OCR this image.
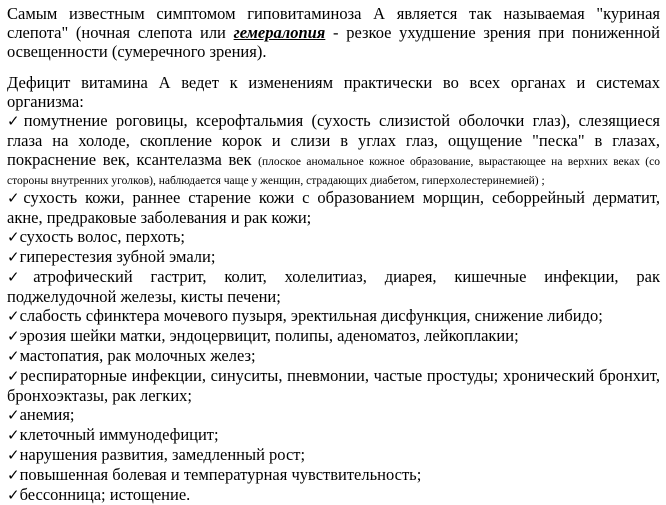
Самым известным симптомом гиповитаминоза А является так называемая "куриная слепота" (ночная слепота или гемералопия - резкое ухудшение зрения при пониженной освещенности (сумеречного зрения).

Дефицит витамина А ведет к изменениям практически во всех органах и системах организма:

✓помутнение роговицы, ксерофтальмия (сухость слизистой оболочки глаз), слезящиеся глаза на холоде, скопление корок и слизи в углах глаз, ощущение "песка" в глазах, покраснение век, ксантелазма век (плоское аномальное кожное образование, вырастающее на верхних веках (со стороны внутренних уголков), наблюдается чаще у женщин, страдающих диабетом, гиперхолестеринемией) ;

✓сухость кожи, раннее старение кожи с образованием морщин, себоррейный дерматит, акне, предраковые заболевания и рак кожи;

✓сухость волос, перхоть;

✓гиперестезия зубной эмали;

✓атрофический гастрит, колит, холелитиаз, диарея, кишечные инфекции, рак поджелудочной железы, кисты печени;

✓слабость сфинктера мочевого пузыря, эректильная дисфункция, снижение либидо;

✓эрозия шейки матки, эндоцервицит, полипы, аденоматоз, лейкоплакии;

✓мастопатия, рак молочных желез;

✓респираторные инфекции, синуситы, пневмонии, частые простуды; хронический бронхит, бронхоэктазы, рак легких;

✓анемия;

✓клеточный иммунодефицит;

✓нарушения развития, замедленный рост;

✓повышенная болевая и температурная чувствительность;

✓бессонница; истощение.
